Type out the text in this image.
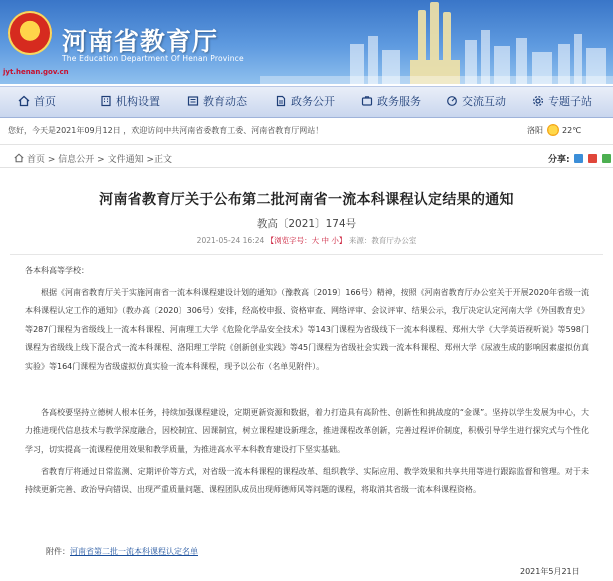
★ 河南省教育厅
The Education Department Of Henan Province
jyt.henan.gov.cn
首页	机构设置	教育动态	政务公开	政务服务	交流互动	专题子站
您好，今天是2021年09月12日 ，欢迎访问中共河南省委教育工委、河南省教育厅网站！	洛阳 22℃
首页 > 信息公开 > 文件通知 >正文	分享:
河南省教育厅关于公布第二批河南省一流本科课程认定结果的通知
教高〔2021〕174号
2021-05-24 16:24 【浏览字号：大 中 小】 来源：教育厅办公室
各本科高等学校：
根据《河南省教育厅关于实施河南省一流本科课程建设计划的通知》（豫教高〔2019〕166号）精神，按照《河南省教育厅办公室关于开展2020年省级一流本科课程认定工作的通知》（教办高〔2020〕306号）安排，经高校申报、资格审查、网络评审、会议评审、结果公示，我厅决定认定河南大学《外国教育史》等287门课程为省级线上一流本科课程、河南理工大学《危险化学品安全技术》等143门课程为省级线下一流本科课程、郑州大学《大学英语视听说》等598门课程为省级线上线下混合式一流本科课程、洛阳理工学院《创新创业实践》等45门课程为省级社会实践一流本科课程、郑州大学《尿液生成的影响因素虚拟仿真实验》等164门课程为省级虚拟仿真实验一流本科课程，现予以公布（名单见附件）。
各高校要坚持立德树人根本任务，持续加强课程建设，定期更新资源和数据，着力打造具有高阶性、创新性和挑战度的“金课”。坚持以学生发展为中心，大力推进现代信息技术与教学深度融合，因校制宜、因课制宜，树立课程建设新理念，推进课程改革创新，完善过程评价制度，积极引导学生进行探究式与个性化学习，切实提高一流课程使用效果和教学质量，为推进高水平本科教育建设打下坚实基础。
省教育厅将通过日常监测、定期评价等方式，对省级一流本科课程的课程改革、组织教学、实际应用、教学效果和共享共用等进行跟踪监督和管理。对于未持续更新完善、政治导向错误、出现严重质量问题、课程团队成员出现师德师风等问题的课程，将取消其省级一流本科课程资格。
附件：河南省第二批一流本科课程认定名单
2021年5月21日
